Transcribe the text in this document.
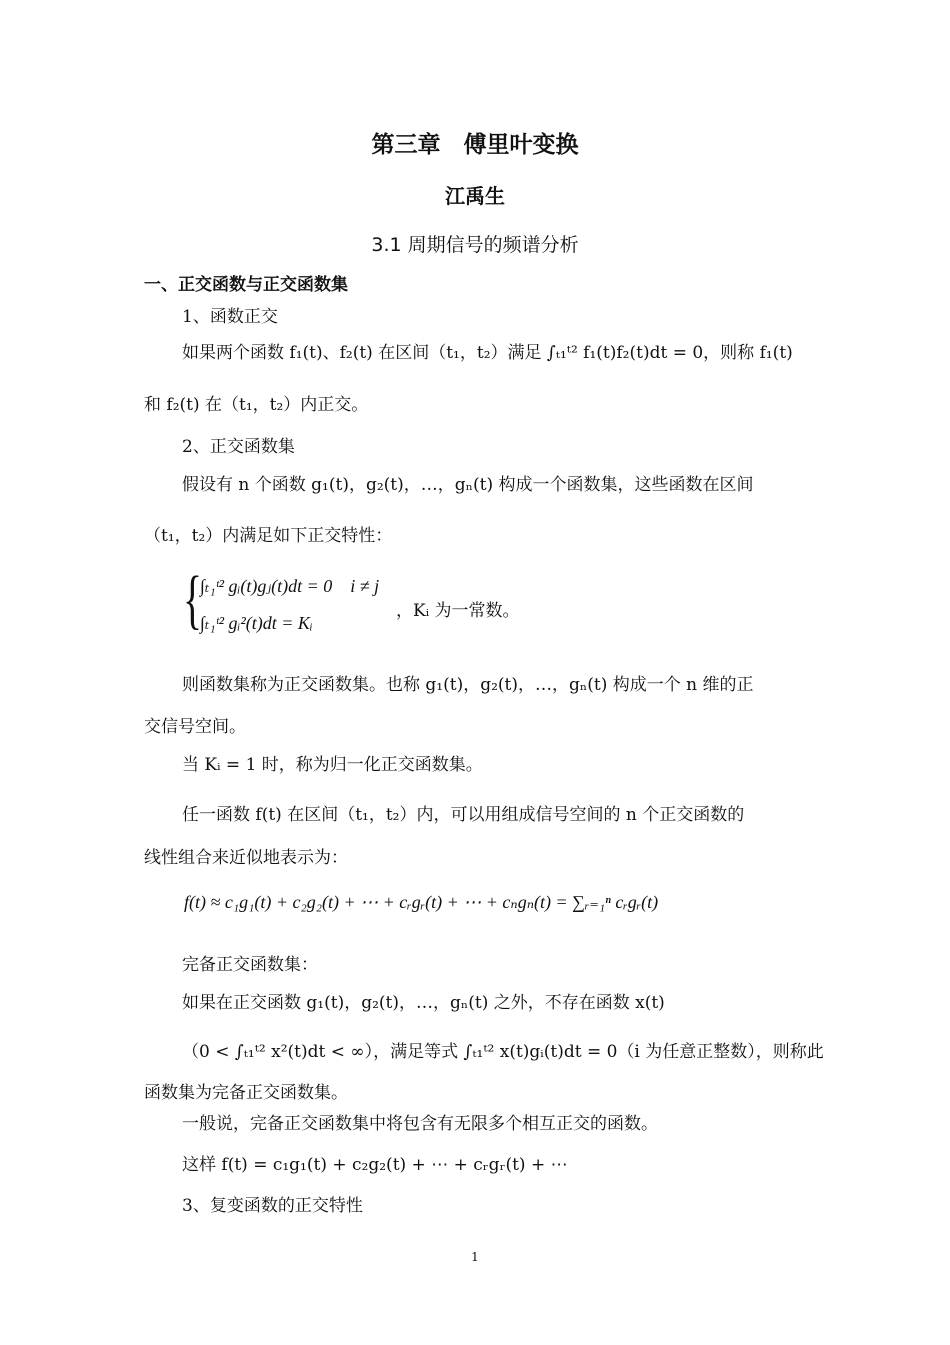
第三章　傅里叶变换
江禹生
3.1 周期信号的频谱分析
一、正交函数与正交函数集
1、函数正交
如果两个函数 f₁(t)、f₂(t) 在区间（t₁，t₂）满足 ∫ₜ₁ᵗ² f₁(t)f₂(t)dt = 0，则称 f₁(t)
和 f₂(t) 在（t₁，t₂）内正交。
2、正交函数集
假设有 n 个函数 g₁(t)，g₂(t)，…，gₙ(t) 构成一个函数集，这些函数在区间
（t₁，t₂）内满足如下正交特性：
{
∫ₜ₁ᵗ² gᵢ(t)gⱼ(t)dt = 0　i ≠ j
∫ₜ₁ᵗ² gᵢ²(t)dt = Kᵢ
，Kᵢ 为一常数。
则函数集称为正交函数集。也称 g₁(t)，g₂(t)，…，gₙ(t) 构成一个 n 维的正
交信号空间。
当 Kᵢ = 1 时，称为归一化正交函数集。
任一函数 f(t) 在区间（t₁，t₂）内，可以用组成信号空间的 n 个正交函数的
线性组合来近似地表示为：
f(t) ≈ c₁g₁(t) + c₂g₂(t) + ⋯ + cᵣgᵣ(t) + ⋯ + cₙgₙ(t) = ∑ᵣ₌₁ⁿ cᵣgᵣ(t)
完备正交函数集：
如果在正交函数 g₁(t)，g₂(t)，…，gₙ(t) 之外，不存在函数 x(t)
（0 < ∫ₜ₁ᵗ² x²(t)dt < ∞），满足等式 ∫ₜ₁ᵗ² x(t)gᵢ(t)dt = 0（i 为任意正整数），则称此
函数集为完备正交函数集。
一般说，完备正交函数集中将包含有无限多个相互正交的函数。
这样 f(t) = c₁g₁(t) + c₂g₂(t) + ⋯ + cᵣgᵣ(t) + ⋯
3、复变函数的正交特性
1
